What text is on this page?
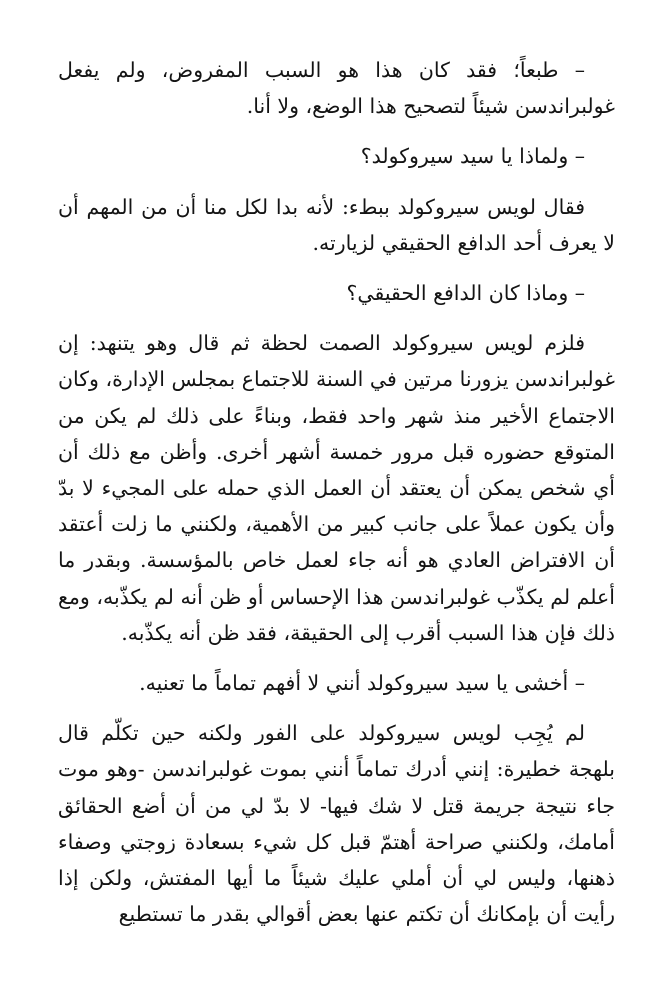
– طبعاً؛ فقد كان هذا هو السبب المفروض، ولم يفعل غولبراندسن شيئاً لتصحيح هذا الوضع، ولا أنا.

– ولماذا يا سيد سيروكولد؟

فقال لويس سيروكولد ببطء: لأنه بدا لكل منا أن من المهم أن لا يعرف أحد الدافع الحقيقي لزيارته.

– وماذا كان الدافع الحقيقي؟

فلزم لويس سيروكولد الصمت لحظة ثم قال وهو يتنهد: إن غولبراندسن يزورنا مرتين في السنة للاجتماع بمجلس الإدارة، وكان الاجتماع الأخير منذ شهر واحد فقط، وبناءً على ذلك لم يكن من المتوقع حضوره قبل مرور خمسة أشهر أخرى. وأظن مع ذلك أن أي شخص يمكن أن يعتقد أن العمل الذي حمله على المجيء لا بدّ وأن يكون عملاً على جانب كبير من الأهمية، ولكنني ما زلت أعتقد أن الافتراض العادي هو أنه جاء لعمل خاص بالمؤسسة. وبقدر ما أعلم لم يكذّب غولبراندسن هذا الإحساس أو ظن أنه لم يكذّبه، ومع ذلك فإن هذا السبب أقرب إلى الحقيقة، فقد ظن أنه يكذّبه.

– أخشى يا سيد سيروكولد أنني لا أفهم تماماً ما تعنيه.

لم يُجِب لويس سيروكولد على الفور ولكنه حين تكلّم قال بلهجة خطيرة: إنني أدرك تماماً أنني بموت غولبراندسن -وهو موت جاء نتيجة جريمة قتل لا شك فيها- لا بدّ لي من أن أضع الحقائق أمامك، ولكنني صراحة أهتمّ قبل كل شيء بسعادة زوجتي وصفاء ذهنها، وليس لي أن أملي عليك شيئاً ما أيها المفتش، ولكن إذا رأيت أن بإمكانك أن تكتم عنها بعض أقوالي بقدر ما تستطيع
